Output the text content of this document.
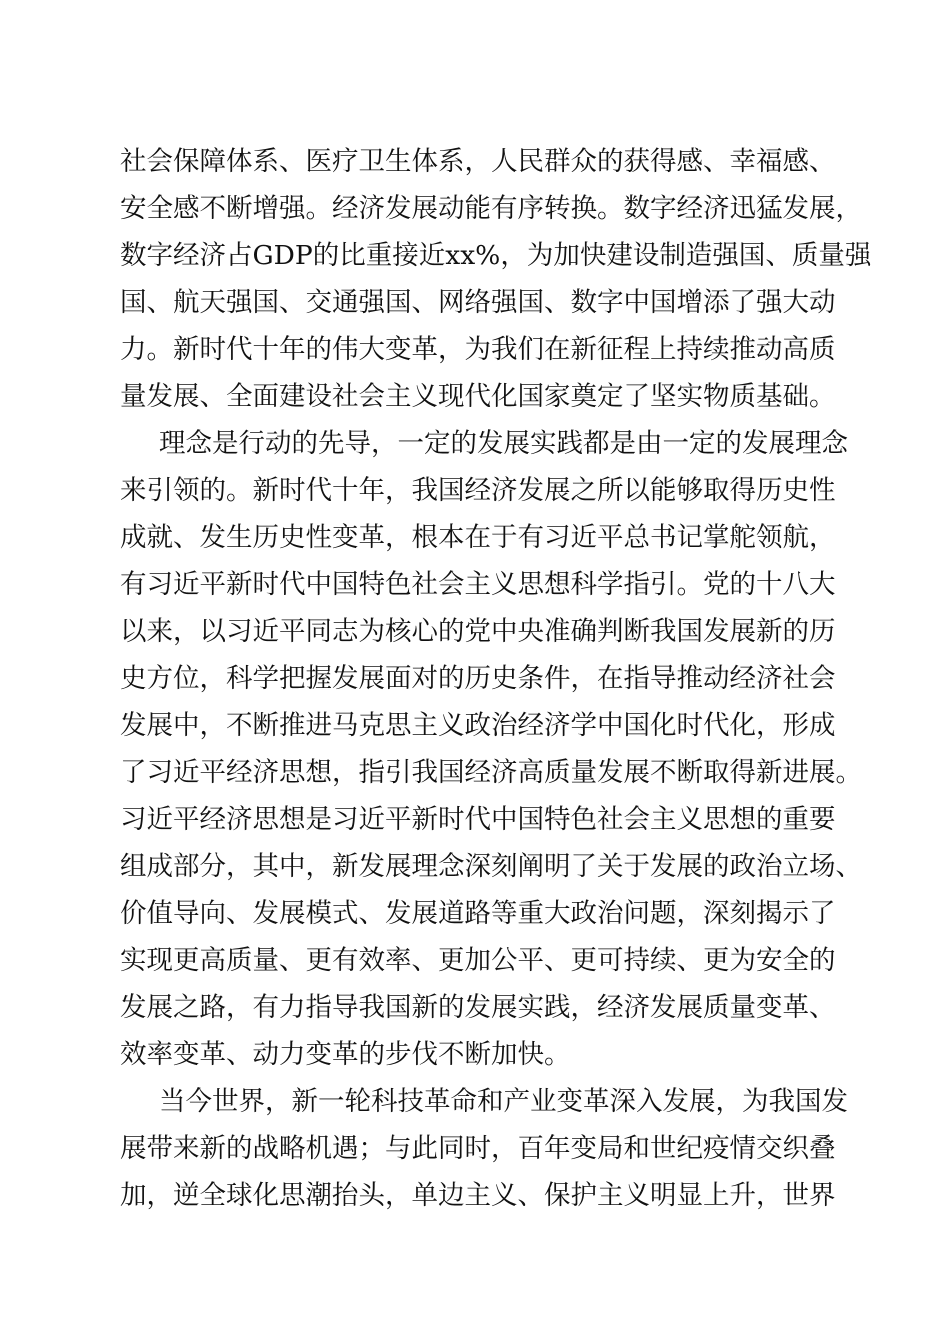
社会保障体系、医疗卫生体系，人民群众的获得感、幸福感、

安全感不断增强。经济发展动能有序转换。数字经济迅猛发展，

数字经济占GDP的比重接近xx%，为加快建设制造强国、质量强

国、航天强国、交通强国、网络强国、数字中国增添了强大动

力。新时代十年的伟大变革，为我们在新征程上持续推动高质

量发展、全面建设社会主义现代化国家奠定了坚实物质基础。

理念是行动的先导，一定的发展实践都是由一定的发展理念

来引领的。新时代十年，我国经济发展之所以能够取得历史性

成就、发生历史性变革，根本在于有习近平总书记掌舵领航，

有习近平新时代中国特色社会主义思想科学指引。党的十八大

以来，以习近平同志为核心的党中央准确判断我国发展新的历

史方位，科学把握发展面对的历史条件，在指导推动经济社会

发展中，不断推进马克思主义政治经济学中国化时代化，形成

了习近平经济思想，指引我国经济高质量发展不断取得新进展。

习近平经济思想是习近平新时代中国特色社会主义思想的重要

组成部分，其中，新发展理念深刻阐明了关于发展的政治立场、

价值导向、发展模式、发展道路等重大政治问题，深刻揭示了

实现更高质量、更有效率、更加公平、更可持续、更为安全的

发展之路，有力指导我国新的发展实践，经济发展质量变革、

效率变革、动力变革的步伐不断加快。

当今世界，新一轮科技革命和产业变革深入发展，为我国发

展带来新的战略机遇；与此同时，百年变局和世纪疫情交织叠

加，逆全球化思潮抬头，单边主义、保护主义明显上升，世界
